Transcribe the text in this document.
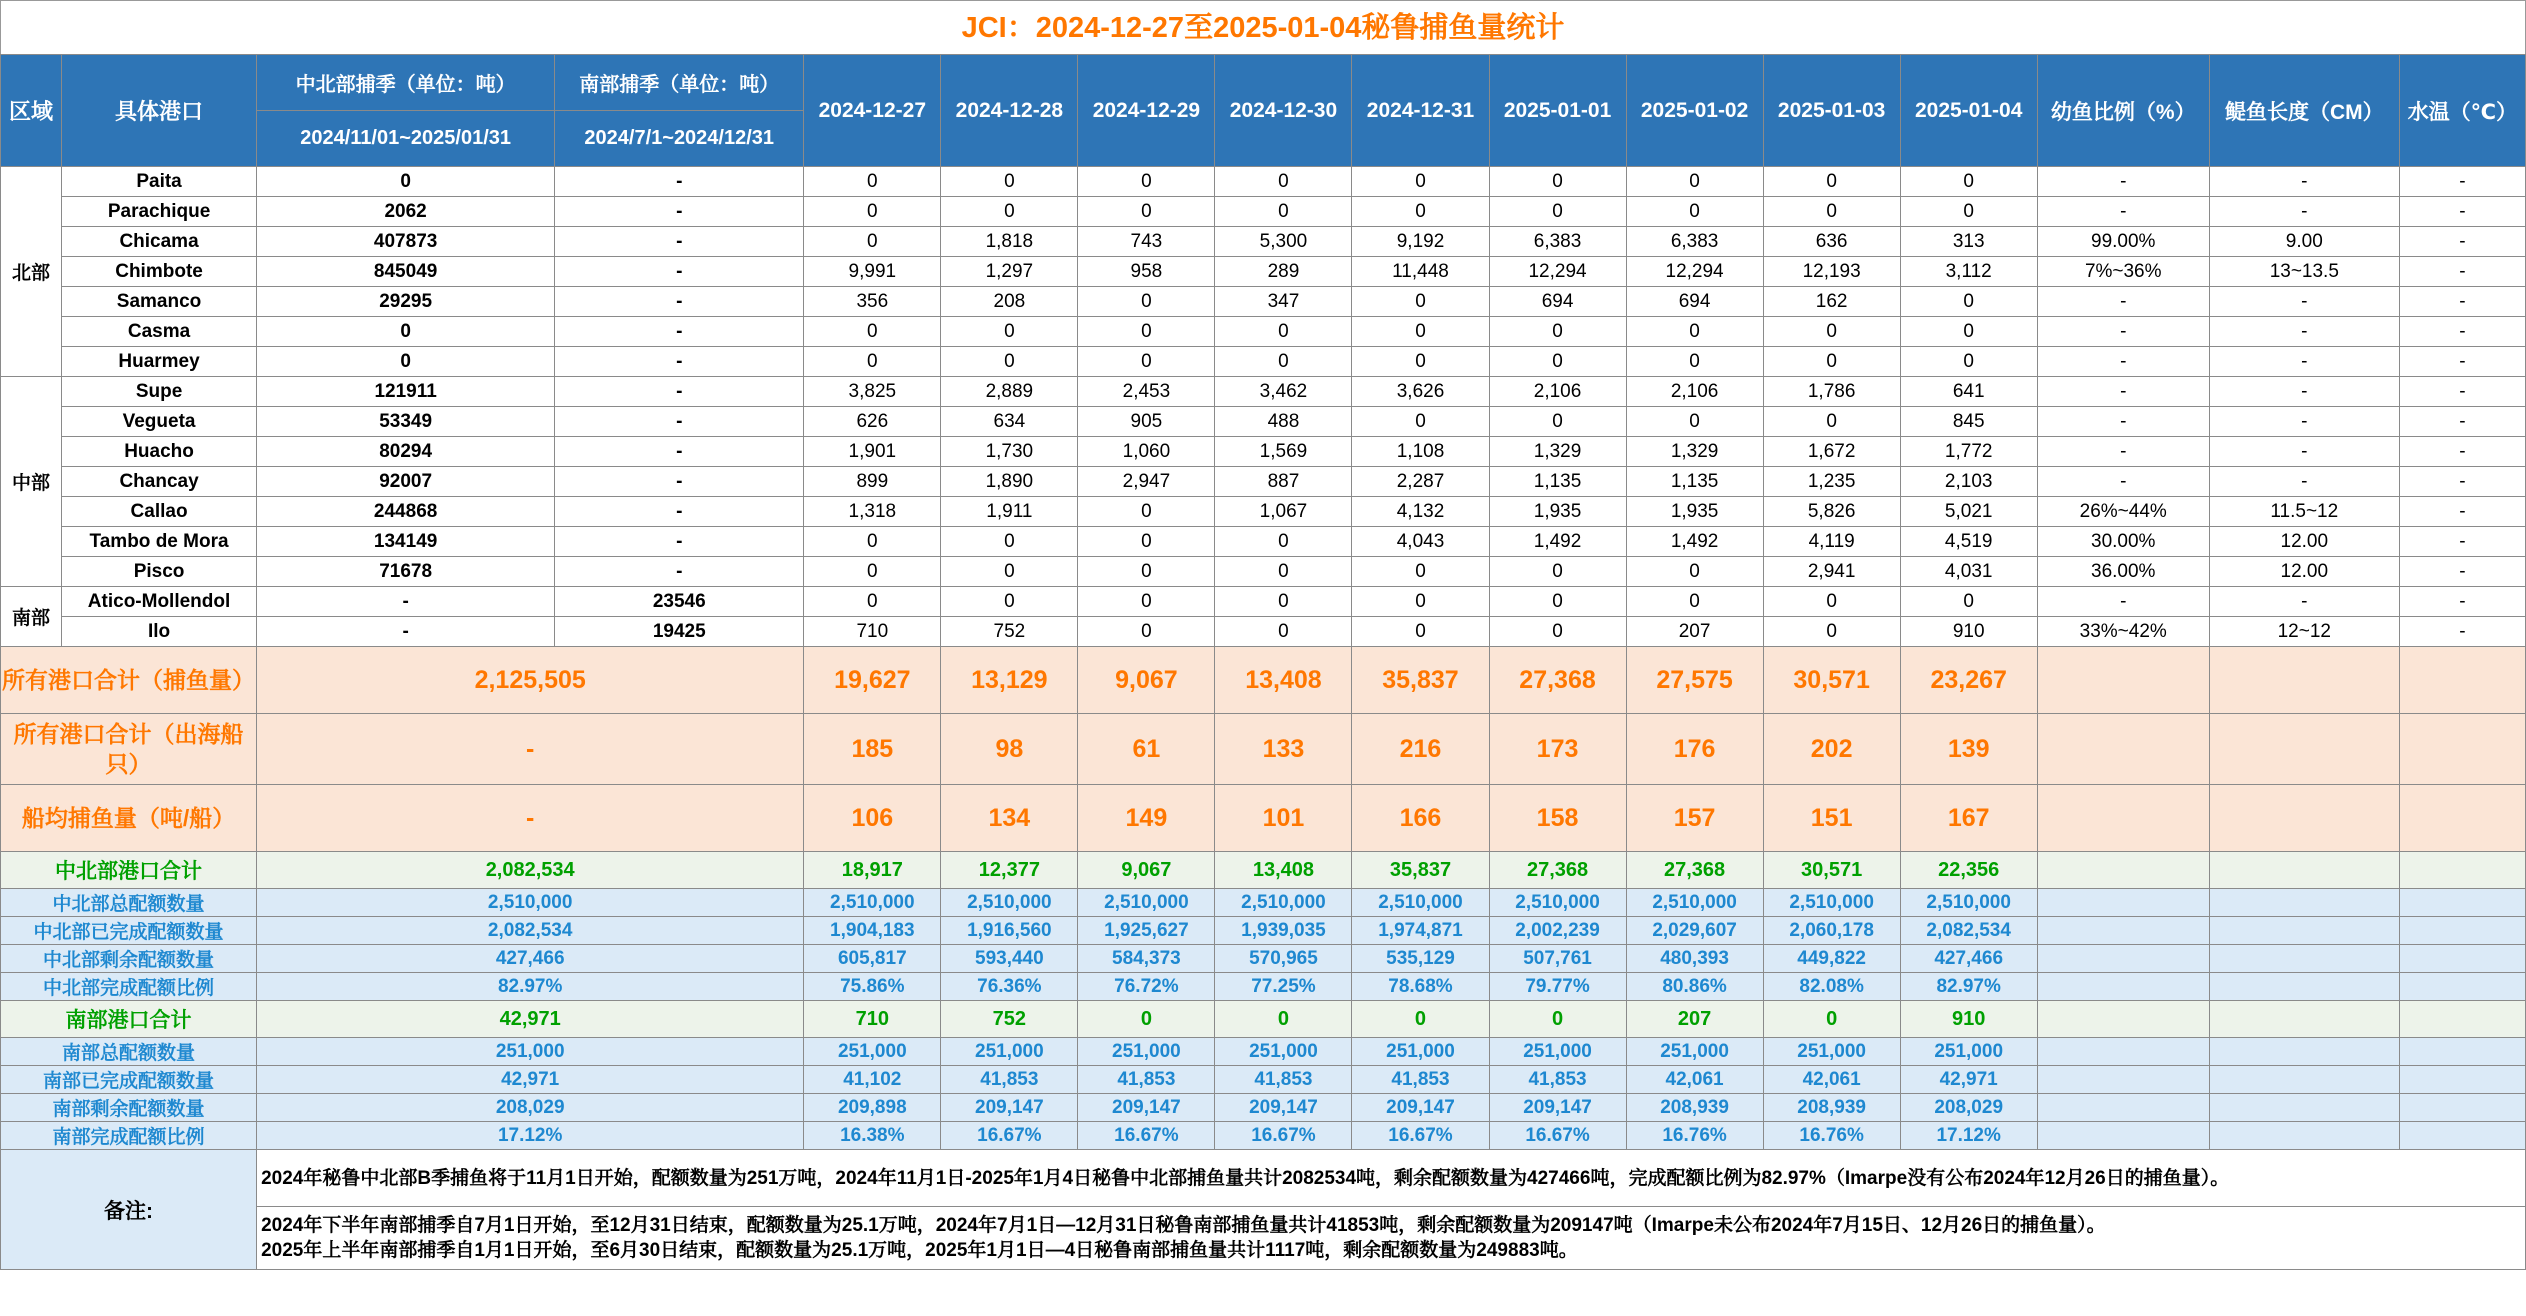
JCI：2024-12-27至2025-01-04秘鲁捕鱼量统计
区域	具体港口	中北部捕季（单位：吨）	南部捕季（单位：吨）	2024-12-27	2024-12-28	2024-12-29	2024-12-30	2024-12-31	2025-01-01	2025-01-02	2025-01-03	2025-01-04	幼鱼比例（%）	鳀鱼长度（CM）	水温（℃）
		2024/11/01~2025/01/31	2024/7/1~2024/12/31												
北部	Paita	0	-	0	0	0	0	0	0	0	0	0	-	-	-
	Parachique	2062	-	0	0	0	0	0	0	0	0	0	-	-	-
	Chicama	407873	-	0	1,818	743	5,300	9,192	6,383	6,383	636	313	99.00%	9.00	-
	Chimbote	845049	-	9,991	1,297	958	289	11,448	12,294	12,294	12,193	3,112	7%~36%	13~13.5	-
	Samanco	29295	-	356	208	0	347	0	694	694	162	0	-	-	-
	Casma	0	-	0	0	0	0	0	0	0	0	0	-	-	-
	Huarmey	0	-	0	0	0	0	0	0	0	0	0	-	-	-
中部	Supe	121911	-	3,825	2,889	2,453	3,462	3,626	2,106	2,106	1,786	641	-	-	-
	Vegueta	53349	-	626	634	905	488	0	0	0	0	845	-	-	-
	Huacho	80294	-	1,901	1,730	1,060	1,569	1,108	1,329	1,329	1,672	1,772	-	-	-
	Chancay	92007	-	899	1,890	2,947	887	2,287	1,135	1,135	1,235	2,103	-	-	-
	Callao	244868	-	1,318	1,911	0	1,067	4,132	1,935	1,935	5,826	5,021	26%~44%	11.5~12	-
	Tambo de Mora	134149	-	0	0	0	0	4,043	1,492	1,492	4,119	4,519	30.00%	12.00	-
	Pisco	71678	-	0	0	0	0	0	0	0	2,941	4,031	36.00%	12.00	-
南部	Atico-Mollendol	-	23546	0	0	0	0	0	0	0	0	0	-	-	-
	Ilo	-	19425	710	752	0	0	0	0	207	0	910	33%~42%	12~12	-
所有港口合计（捕鱼量）		2,125,505		19,627	13,129	9,067	13,408	35,837	27,368	27,575	30,571	23,267			
所有港口合计（出海船只）		-		185	98	61	133	216	173	176	202	139			
船均捕鱼量（吨/船）		-		106	134	149	101	166	158	157	151	167			
中北部港口合计		2,082,534		18,917	12,377	9,067	13,408	35,837	27,368	27,368	30,571	22,356			
中北部总配额数量		2,510,000		2,510,000	2,510,000	2,510,000	2,510,000	2,510,000	2,510,000	2,510,000	2,510,000	2,510,000			
中北部已完成配额数量		2,082,534		1,904,183	1,916,560	1,925,627	1,939,035	1,974,871	2,002,239	2,029,607	2,060,178	2,082,534			
中北部剩余配额数量		427,466		605,817	593,440	584,373	570,965	535,129	507,761	480,393	449,822	427,466			
中北部完成配额比例		82.97%		75.86%	76.36%	76.72%	77.25%	78.68%	79.77%	80.86%	82.08%	82.97%			
南部港口合计		42,971		710	752	0	0	0	0	207	0	910			
南部总配额数量		251,000		251,000	251,000	251,000	251,000	251,000	251,000	251,000	251,000	251,000			
南部已完成配额数量		42,971		41,102	41,853	41,853	41,853	41,853	41,853	42,061	42,061	42,971			
南部剩余配额数量		208,029		209,898	209,147	209,147	209,147	209,147	209,147	208,939	208,939	208,029			
南部完成配额比例		17.12%		16.38%	16.67%	16.67%	16.67%	16.67%	16.67%	16.76%	16.76%	17.12%			
备注:		2024年秘鲁中北部B季捕鱼将于11月1日开始，配额数量为251万吨，2024年11月1日-2025年1月4日秘鲁中北部捕鱼量共计2082534吨，剩余配额数量为427466吨，完成配额比例为82.97%（Imarpe没有公布2024年12月26日的捕鱼量）。													

		2024年下半年南部捕季自7月1日开始，至12月31日结束，配额数量为25.1万吨，2024年7月1日—12月31日秘鲁南部捕鱼量共计41853吨，剩余配额数量为209147吨（Imarpe未公布2024年7月15日、12月26日的捕鱼量）。
2025年上半年南部捕季自1月1日开始，至6月30日结束，配额数量为25.1万吨，2025年1月1日—4日秘鲁南部捕鱼量共计1117吨，剩余配额数量为249883吨。													
